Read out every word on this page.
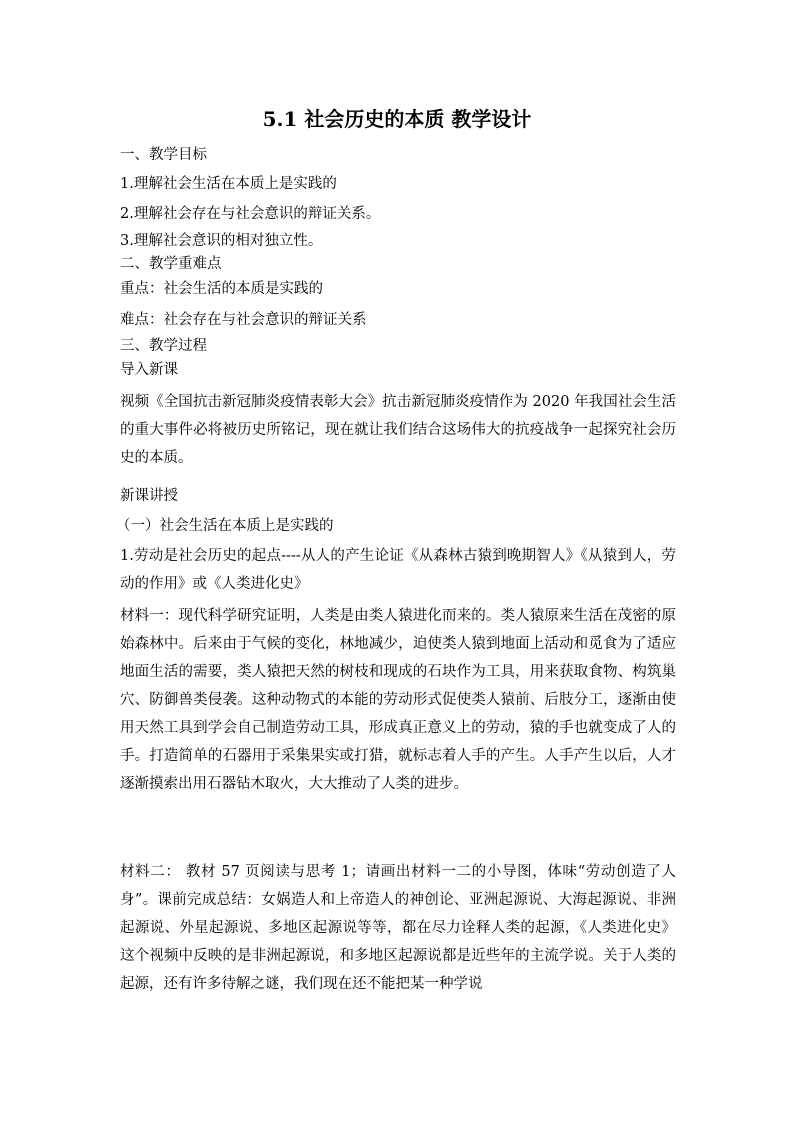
5.1 社会历史的本质 教学设计
一、教学目标
1.理解社会生活在本质上是实践的
2.理解社会存在与社会意识的辩证关系。
3.理解社会意识的相对独立性。
二、教学重难点
重点：社会生活的本质是实践的
难点：社会存在与社会意识的辩证关系
三、教学过程
导入新课

视频《全国抗击新冠肺炎疫情表彰大会》抗击新冠肺炎疫情作为 2020 年我国社会生活的重大事件必将被历史所铭记，现在就让我们结合这场伟大的抗疫战争一起探究社会历史的本质。

新课讲授
（一）社会生活在本质上是实践的

1.劳动是社会历史的起点----从人的产生论证《从森林古猿到晚期智人》《从猿到人，劳动的作用》或《人类进化史》

材料一：现代科学研究证明，人类是由类人猿进化而来的。类人猿原来生活在茂密的原始森林中。后来由于气候的变化，林地减少，迫使类人猿到地面上活动和觅食为了适应地面生活的需要，类人猿把天然的树枝和现成的石块作为工具，用来获取食物、构筑巢穴、防御兽类侵袭。这种动物式的本能的劳动形式促使类人猿前、后肢分工，逐渐由使用天然工具到学会自己制造劳动工具，形成真正意义上的劳动，猿的手也就变成了人的手。打造简单的石器用于采集果实或打猎，就标志着人手的产生。人手产生以后，人才逐渐摸索出用石器钻木取火，大大推动了人类的进步。

材料二： 教材 57 页阅读与思考 1；请画出材料一二的小导图，体味“劳动创造了人身”。课前完成总结：女娲造人和上帝造人的神创论、亚洲起源说、大海起源说、非洲起源说、外星起源说、多地区起源说等等，都在尽力诠释人类的起源，《人类进化史》这个视频中反映的是非洲起源说，和多地区起源说都是近些年的主流学说。关于人类的起源，还有许多待解之谜，我们现在还不能把某一种学说
